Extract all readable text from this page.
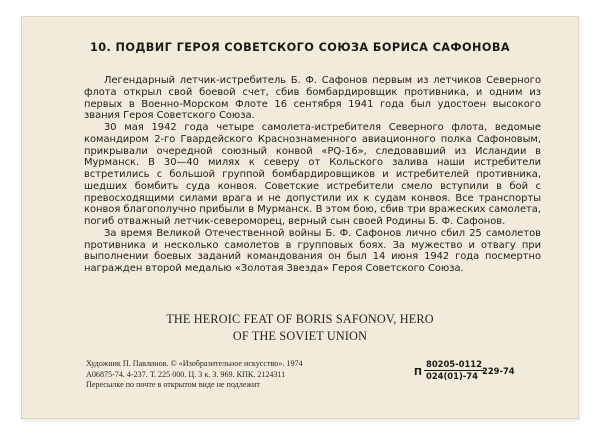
10. ПОДВИГ ГЕРОЯ СОВЕТСКОГО СОЮЗА БОРИСА САФОНОВА

Легендарный летчик-истребитель Б. Ф. Сафонов первым из летчиков Северного флота открыл свой боевой счет, сбив бомбардировщик противника, и одним из первых в Военно-Морском Флоте 16 сентября 1941 года был удостоен высокого звания Героя Советского Союза.

30 мая 1942 года четыре самолета-истребителя Северного флота, ведомые командиром 2-го Гвардейского Краснознаменного авиационного полка Сафоновым, прикрывали очередной союзный конвой «PQ-16», следовавший из Исландии в Мурманск. В 30—40 милях к северу от Кольского залива наши истребители встретились с большой группой бомбардировщиков и истребителей противника, шедших бомбить суда конвоя. Советские истребители смело вступили в бой с превосходящими силами врага и не допустили их к судам конвоя. Все транспорты конвоя благополучно прибыли в Мурманск. В этом бою, сбив три вражеских самолета, погиб отважный летчик-североморец, верный сын своей Родины Б. Ф. Сафонов.

За время Великой Отечественной войны Б. Ф. Сафонов лично сбил 25 самолетов противника и несколько самолетов в групповых боях. За мужество и отвагу при выполнении боевых заданий командования он был 14 июня 1942 года посмертно награжден второй медалью «Золотая Звезда» Героя Советского Союза.

THE HEROIC FEAT OF BORIS SAFONOV, HERO
OF THE SOVIET UNION
Художник П. Павлинов. © «Изобразительное искусство». 1974
А06875-74. 4-237. Т. 225 000. Ц. 3 к. З. 969. КПК. 2124311
Пересылке по почте в открытом виде не подлежит
П $\frac{80205-0112}{024(01)-74}$
229-74
